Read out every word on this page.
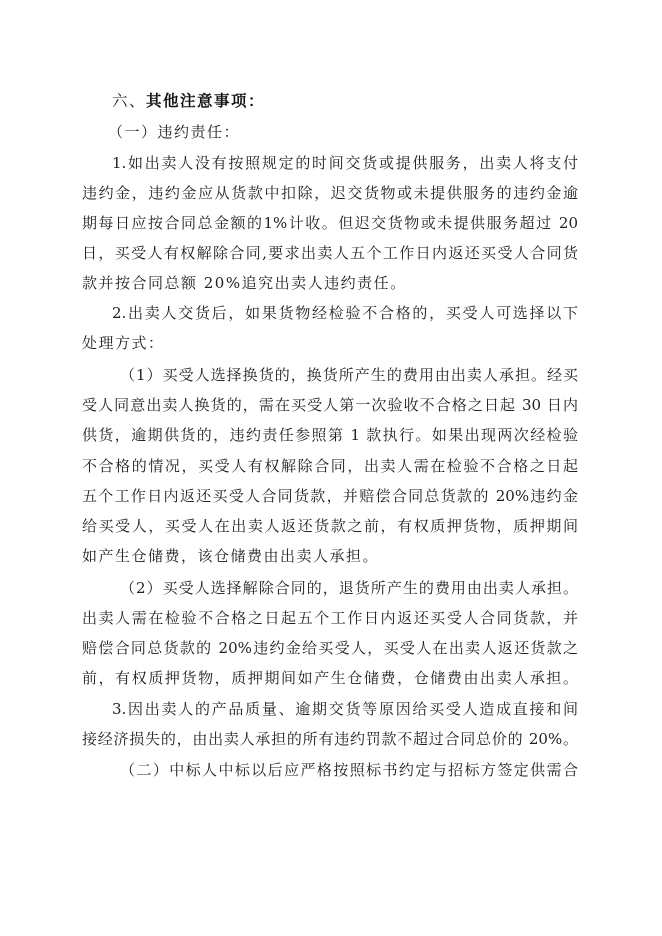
六、其他注意事项：
（一）违约责任：
1.如出卖人没有按照规定的时间交货或提供服务，出卖人将支付
违约金，违约金应从货款中扣除，迟交货物或未提供服务的违约金逾
期每日应按合同总金额的1%计收。但迟交货物或未提供服务超过 20
日，买受人有权解除合同,要求出卖人五个工作日内返还买受人合同货
款并按合同总额 20%追究出卖人违约责任。
2.出卖人交货后，如果货物经检验不合格的，买受人可选择以下
处理方式：
（1）买受人选择换货的，换货所产生的费用由出卖人承担。经买
受人同意出卖人换货的，需在买受人第一次验收不合格之日起 30 日内
供货，逾期供货的，违约责任参照第 1 款执行。如果出现两次经检验
不合格的情况，买受人有权解除合同，出卖人需在检验不合格之日起
五个工作日内返还买受人合同货款，并赔偿合同总货款的 20%违约金
给买受人，买受人在出卖人返还货款之前，有权质押货物，质押期间
如产生仓储费，该仓储费由出卖人承担。
（2）买受人选择解除合同的，退货所产生的费用由出卖人承担。
出卖人需在检验不合格之日起五个工作日内返还买受人合同货款，并
赔偿合同总货款的 20%违约金给买受人，买受人在出卖人返还货款之
前，有权质押货物，质押期间如产生仓储费，仓储费由出卖人承担。
3.因出卖人的产品质量、逾期交货等原因给买受人造成直接和间
接经济损失的，由出卖人承担的所有违约罚款不超过合同总价的 20%。
（二）中标人中标以后应严格按照标书约定与招标方签定供需合
